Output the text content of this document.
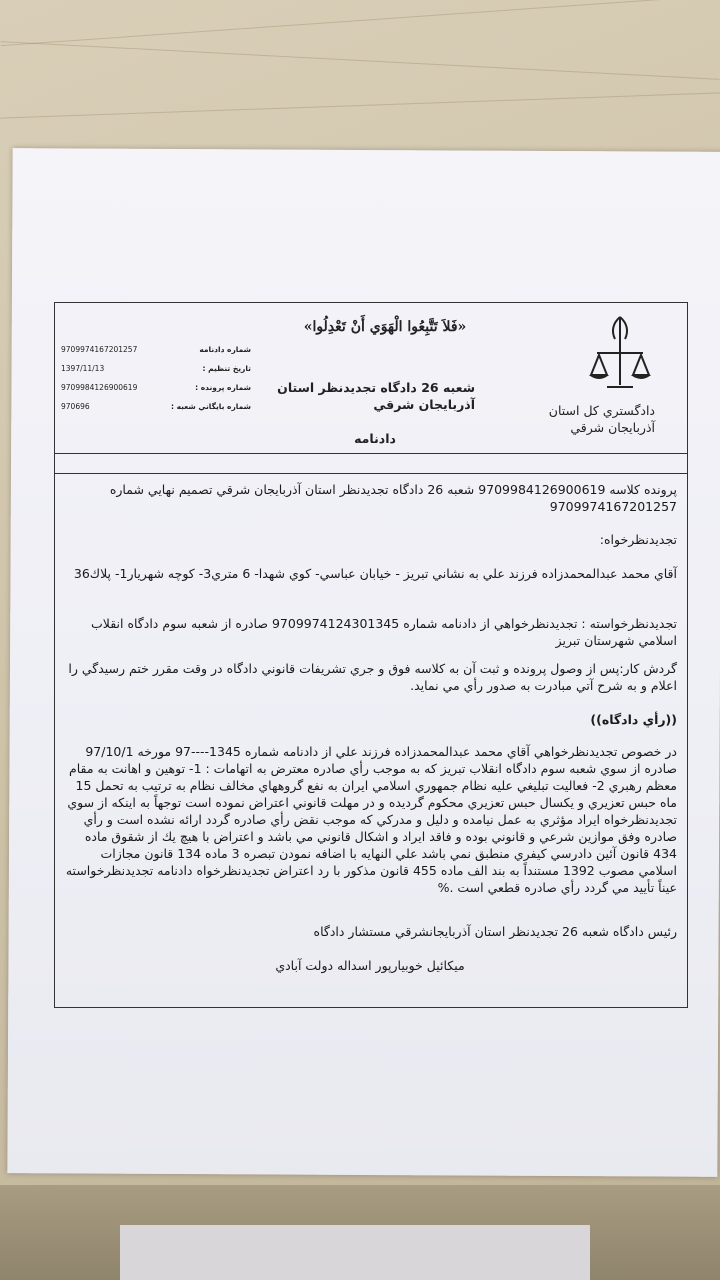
«فَلاَ تَتَّبِعُوا الْهَوَي أَنْ تَعْدِلُوا»
دادگستري كل استان
آذربايجان شرقي
شعبه 26 دادگاه تجديدنظر استان آذربايجان شرقي
دادنامه
9709974167201257	شماره دادنامه
1397/11/13	تاريخ تنظيم :
9709984126900619	شماره پرونده :
970696	شماره بايگاني شعبه :

پرونده كلاسه 9709984126900619 شعبه 26 دادگاه تجديدنظر استان آذربايجان شرقي تصميم نهايي شماره 9709974167201257

تجديدنظرخواه:

آقاي محمد عبدالمحمدزاده فرزند علي به نشاني تبريز - خيابان عباسي- كوي شهدا- 6 متري3- كوچه شهريار1- پلاك36

تجديدنظرخواسته : تجديدنظرخواهي از دادنامه شماره 9709974124301345 صادره از شعبه سوم دادگاه انقلاب اسلامي شهرستان تبريز

گردش كار:پس از وصول پرونده و ثبت آن به كلاسه فوق و جري تشريفات قانوني دادگاه در وقت مقرر ختم رسيدگي را اعلام و به شرح آتي مبادرت به صدور رأي مي نمايد.

((رأي دادگاه))

در خصوص تجديدنظرخواهي آقاي محمد عبدالمحمدزاده فرزند علي از دادنامه شماره 1345----97 مورخه 97/10/1 صادره از سوي شعبه سوم دادگاه انقلاب تبريز كه به موجب رأي صادره معترض به اتهامات : 1- توهين و اهانت به مقام معظم رهبري 2- فعاليت تبليغي عليه نظام جمهوري اسلامي ايران به نفع گروههاي مخالف نظام به ترتيب به تحمل 15 ماه حبس تعزيري و يكسال حبس تعزيري محكوم گرديده و در مهلت قانوني اعتراض نموده است توجهاً به اينكه از سوي تجديدنظرخواه ايراد مؤثري به عمل نيامده و دليل و مدركي كه موجب نقض رأي صادره گردد ارائه نشده است و رأي صادره وفق موازين شرعي و قانوني بوده و فاقد ايراد و اشكال قانوني مي باشد و اعتراض با هيچ يك از شقوق ماده 434 قانون آئين دادرسي كيفري منطبق نمي باشد علي النهايه با اضافه نمودن تبصره 3 ماده 134 قانون مجازات اسلامي مصوب 1392 مستنداً به بند الف ماده 455 قانون مذكور با رد اعتراض تجديدنظرخواه دادنامه تجديدنظرخواسته عيناً تأييد مي گردد رأي صادره قطعي است .%

رئيس دادگاه شعبه 26 تجديدنظر استان آذربايجانشرقي مستشار دادگاه

ميكائيل خوبيارپور اسداله دولت آبادي
